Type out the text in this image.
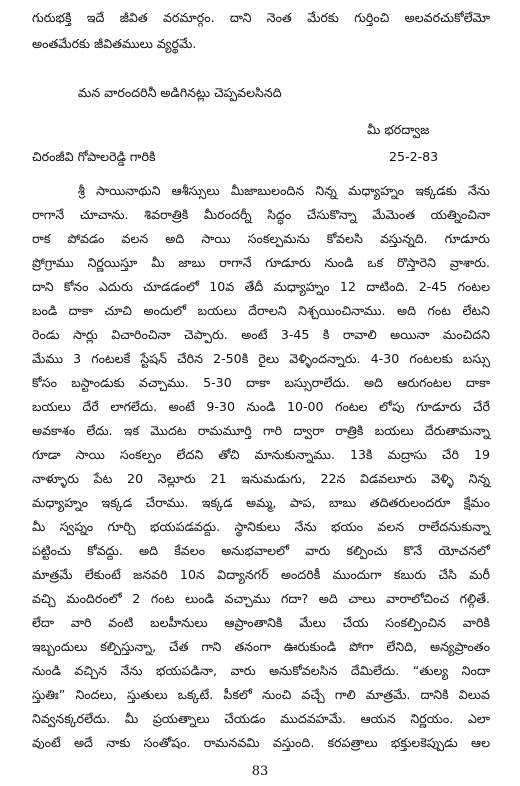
గురుభక్తి ఇదే జీవిత వరమార్గం. దాని నెంత మేరకు గుర్తించి అలవరచుకోలేమో
అంతమేరకు జీవితములు వ్యర్థమే.
మన వారందరినీ అడిగినట్లు చెప్పవలసినది
మీ భరద్వాజ
చిరంజీవి గోపాలరెడ్డి గారికి	25-2-83
శ్రీ సాయినాథుని ఆశీస్సులు మీజాబులందిన నిన్న మధ్యాహ్నం ఇక్కడకు నేను
రాగానే చూచాను. శివరాత్రికి మీరందర్నీ సిద్ధం చేసుకొన్నా మేమెంత యత్నించినా
రాక పోవడం వలన అది సాయి సంకల్పమను కోవలసి వస్తున్నది. గూడూరు
ప్రోగ్రాము నిర్ణయిస్తూ మీ జాబు రాగానే గూడూరు నుండి ఒక రొస్తారెని వ్రాశారు.
దాని కోనం ఎదురు చూడడంలో 10వ తేదీ మధ్యాహ్నం 12 దాటింది. 2-45 గంటల
బండి దాకా చూచి అందులో బయలు దేరాలని నిశ్చయించినాము. అది గంట లేటని
రెండు సార్లు విచారించినా చెప్పారు. అంటే 3-45 కి రావాలి అయినా మంచిదని
మేము 3 గంటలకే స్టేషన్ చేరిన 2-50కి రైలు వెళ్ళిందన్నారు. 4-30 గంటలకు బస్సు
కోసం బస్టాండుకు వచ్చాము. 5-30 దాకా బస్సురాలేదు. అది ఆరుగంటల దాకా
బయలు దేరే లాగలేదు. అంటే 9-30 నుండి 10-00 గంటల లోపు గూడూరు చేరే
అవకాశం లేదు. ఇక మొదట రామమూర్తి గారి ద్వారా రాత్రికి బయలు దేరుతామన్నా
గూడా సాయి సంకల్పం లేదని తోచి మానుకున్నాము. 13కి మద్రాసు చేరి 19
నాళ్ళూరు పేట 20 నెల్లూరు 21 ఇనుమడుగు, 22న విడవలూరు వెళ్ళి నిన్న
మధ్యాహ్నం ఇక్కడ చేరాము. ఇక్కడ అమ్మ, పాప, బాబు తదితరులందరూ క్షేమం
మీ స్వప్నం గూర్చి భయపడవద్దు. స్థానికులు నేను భయం వలన రాలేదనుకున్నా
పట్టించు కోవద్దు. అది కేవలం అనుభవాలలో వారు కల్పించు కొనే యోచనలో
మాత్రమే లేకుంటే జనవరి 10న విద్యానగర్ అందరికీ ముందుగా కబురు చేసి మరీ
వచ్చి మందిరంలో 2 గంట లుండి వచ్చాము గదా? అది చాలు వారాలోచించ గల్గితే.
లేదా వారి వంటి బలహీనులు ఆప్రాంతానికి మేలు చేయ సంకల్పించిన వారికి
ఇబ్బందులు కల్పిస్తున్నా, చేత గాని తనంగా ఊరుకుండి పోగా లేనిది, అన్యప్రాంతం
నుండి వచ్చిన నేను భయపడినా, వారు అనుకోవలసిన దేమిలేదు. “తుల్య నిందా
స్తుతిః” నిందలు, స్తుతులు ఒక్కటే. పీకలో నుంచి వచ్చే గాలి మాత్రమే. దానికి విలువ
నివ్వనక్కరలేదు. మీ ప్రయత్నాలు చేయడం ముదవహమే. ఆయన నిర్ణయం. ఎలా
వుంటే అదే నాకు సంతోషం. రామనవమి వస్తుంది. కరపత్రాలు భక్తులకెప్పుడు ఆల
83
